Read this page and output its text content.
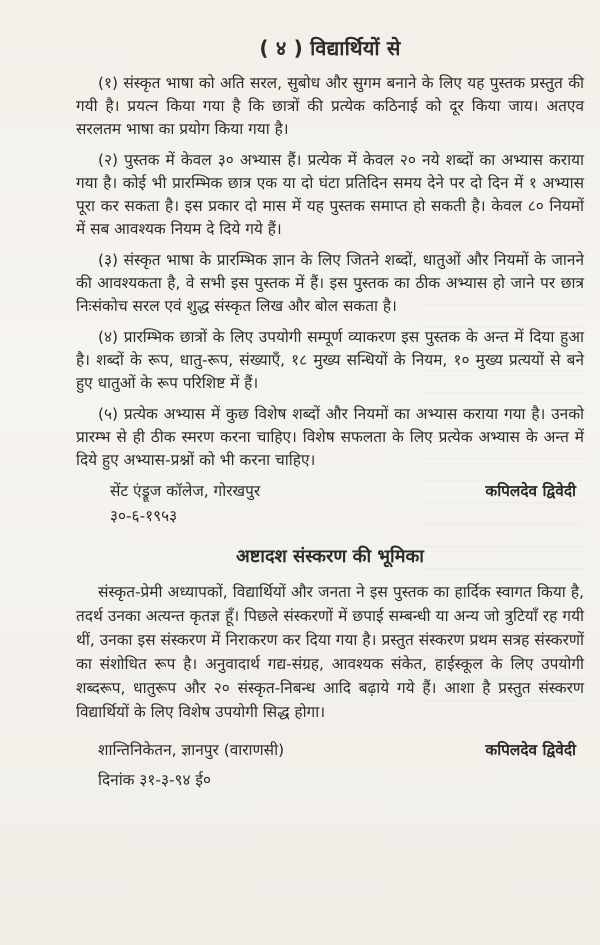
( ४ ) विद्यार्थियों से

(१) संस्कृत भाषा को अति सरल, सुबोध और सुगम बनाने के लिए यह पुस्तक प्रस्तुत की गयी है। प्रयत्न किया गया है कि छात्रों की प्रत्येक कठिनाई को दूर किया जाय। अतएव सरलतम भाषा का प्रयोग किया गया है।

(२) पुस्तक में केवल ३० अभ्यास हैं। प्रत्येक में केवल २० नये शब्दों का अभ्यास कराया गया है। कोई भी प्रारम्भिक छात्र एक या दो घंटा प्रतिदिन समय देने पर दो दिन में १ अभ्यास पूरा कर सकता है। इस प्रकार दो मास में यह पुस्तक समाप्त हो सकती है। केवल ८० नियमों में सब आवश्यक नियम दे दिये गये हैं।

(३) संस्कृत भाषा के प्रारम्भिक ज्ञान के लिए जितने शब्दों, धातुओं और नियमों के जानने की आवश्यकता है, वे सभी इस पुस्तक में हैं। इस पुस्तक का ठीक अभ्यास हो जाने पर छात्र निःसंकोच सरल एवं शुद्ध संस्कृत लिख और बोल सकता है।

(४) प्रारम्भिक छात्रों के लिए उपयोगी सम्पूर्ण व्याकरण इस पुस्तक के अन्त में दिया हुआ है। शब्दों के रूप, धातु-रूप, संख्याएँ, १८ मुख्य सन्धियों के नियम, १० मुख्य प्रत्ययों से बने हुए धातुओं के रूप परिशिष्ट में हैं।

(५) प्रत्येक अभ्यास में कुछ विशेष शब्दों और नियमों का अभ्यास कराया गया है। उनको प्रारम्भ से ही ठीक स्मरण करना चाहिए। विशेष सफलता के लिए प्रत्येक अभ्यास के अन्त में दिये हुए अभ्यास-प्रश्नों को भी करना चाहिए।

सेंट एंड्रूज कॉलेज, गोरखपुर	कपिलदेव द्विवेदी
३०-६-१९५३
अष्टादश संस्करण की भूमिका

संस्कृत-प्रेमी अध्यापकों, विद्यार्थियों और जनता ने इस पुस्तक का हार्दिक स्वागत किया है, तदर्थ उनका अत्यन्त कृतज्ञ हूँ। पिछले संस्करणों में छपाई सम्बन्धी या अन्य जो त्रुटियाँ रह गयी थीं, उनका इस संस्करण में निराकरण कर दिया गया है। प्रस्तुत संस्करण प्रथम सत्रह संस्करणों का संशोधित रूप है। अनुवादार्थ गद्य-संग्रह, आवश्यक संकेत, हाईस्कूल के लिए उपयोगी शब्दरूप, धातुरूप और २० संस्कृत-निबन्ध आदि बढ़ाये गये हैं। आशा है प्रस्तुत संस्करण विद्यार्थियों के लिए विशेष उपयोगी सिद्ध होगा।

शान्तिनिकेतन, ज्ञानपुर (वाराणसी)	कपिलदेव द्विवेदी
दिनांक ३१-३-९४ ई०
